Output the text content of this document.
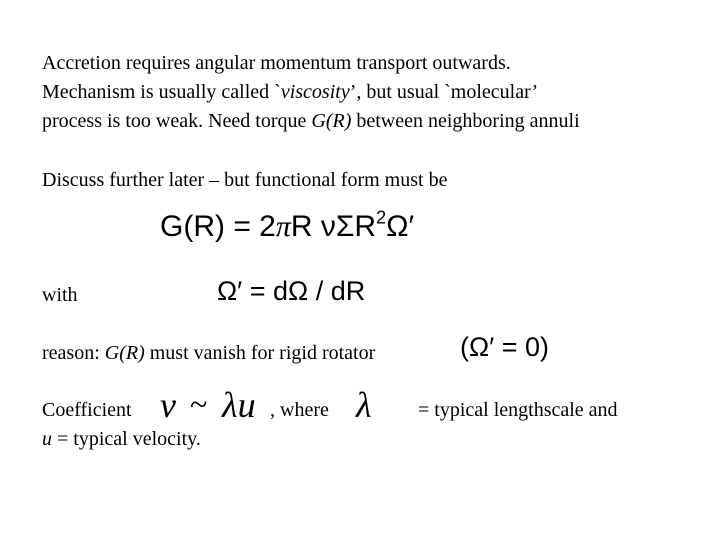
Accretion requires angular momentum transport outwards.
Mechanism is usually called `viscosity’, but usual `molecular’
process is too weak. Need torque G(R) between neighboring annuli
Discuss further later – but functional form must be
G(R) = 2πR νΣR$^2$Ω′
with	Ω′ = dΩ / dR
reason: G(R) must vanish for rigid rotator	(Ω′ = 0)
Coefficient ν ~ λu , where λ = typical lengthscale and
u = typical velocity.
